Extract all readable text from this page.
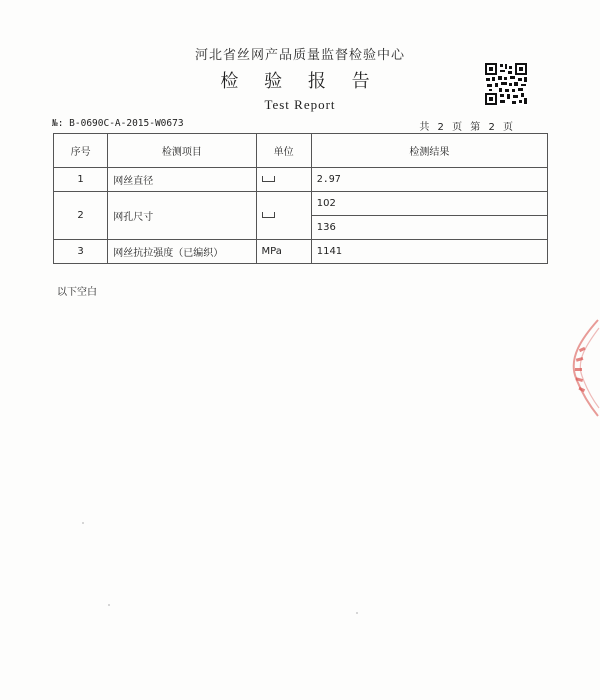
河北省丝网产品质量监督检验中心
检 验 报 告
Test Report
№: B-0690C-A-2015-W0673	共 2 页 第 2 页
序号	检测项目	单位	检测结果
1	网丝直径		2.97
2	网孔尺寸		102
			136
3	网丝抗拉强度（已编织）	MPa	1141
以下空白
